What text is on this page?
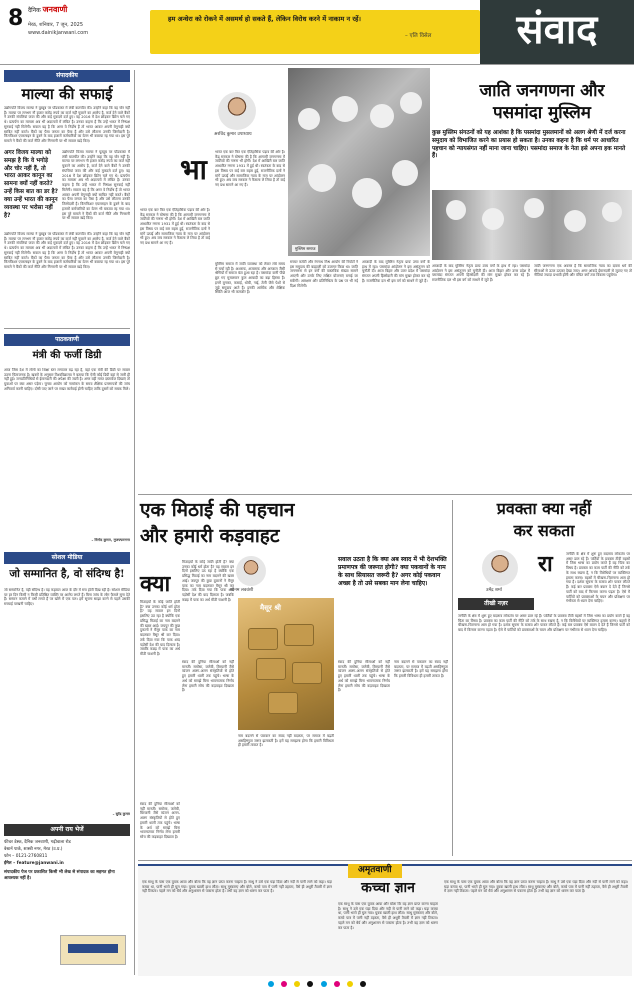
8 दैनिक जनवाणी
मेरठ, शनिवार, 7 जून, 2025
www.dainikjanwani.com
हम अन्धेरा को रोकने में असमर्थ हो सकते हैं, लेकिन विरोध करने में नाकाम न रहें।
– एलि विसेल	संवाद
संपादकीय
माल्या की सफाई
अगर विजय माल्या को समझ है कि वे भगोड़े और चोर नहीं हैं, तो भारत आकर कानून का सामना क्यों नहीं करते? उन्हें किस बात का डर है? क्या उन्हें भारत की कानून व्यवस्था पर भरोसा नहीं है?
उद्योगपति विजय माल्या ने यूट्यूब पर पॉडकास्ट में लंबी बातचीत की। उन्होंने कहा कि वह चोर नहीं हैं। माल्या पर लगभग नौ हजार करोड़ रुपये का कर्ज नहीं चुकाने का आरोप है, कर्ज देने वाले बैंकों ने उनकी संपत्तियां जब्त की और कई मुकदमे दर्ज हुए। वह 2016 में देश छोड़कर ब्रिटेन चले गए थे। प्रत्यर्पण का मामला अब भी अदालतों में लंबित है। उनका कहना है कि उन्हें भारत में निष्पक्ष सुनवाई नहीं मिलेगी। सवाल यह है कि अगर वे निर्दोष हैं तो भारत आकर अपनी बेगुनाही क्यों साबित नहीं करते। बैंकों का पैसा जनता का पैसा है और उसे लौटाना उनकी जिम्मेदारी है। किंगफिशर एयरलाइन के डूबने के बाद हजारों कर्मचारियों का वेतन भी बकाया रह गया था। इस पूरे मामले ने बैंकों की कर्ज नीति और निगरानी पर भी सवाल खड़े किए।
उद्योगपति विजय माल्या ने यूट्यूब पर पॉडकास्ट में लंबी बातचीत की। उन्होंने कहा कि वह चोर नहीं हैं। माल्या पर लगभग नौ हजार करोड़ रुपये का कर्ज नहीं चुकाने का आरोप है, कर्ज देने वाले बैंकों ने उनकी संपत्तियां जब्त की और कई मुकदमे दर्ज हुए। वह 2016 में देश छोड़कर ब्रिटेन चले गए थे। प्रत्यर्पण का मामला अब भी अदालतों में लंबित है। उनका कहना है कि उन्हें भारत में निष्पक्ष सुनवाई नहीं मिलेगी। सवाल यह है कि अगर वे निर्दोष हैं तो भारत आकर अपनी बेगुनाही क्यों साबित नहीं करते। बैंकों का पैसा जनता का पैसा है और उसे लौटाना उनकी जिम्मेदारी है। किंगफिशर एयरलाइन के डूबने के बाद हजारों कर्मचारियों का वेतन भी बकाया रह गया था। इस पूरे मामले ने बैंकों की कर्ज नीति और निगरानी पर भी सवाल खड़े किए।
उद्योगपति विजय माल्या ने यूट्यूब पर पॉडकास्ट में लंबी बातचीत की। उन्होंने कहा कि वह चोर नहीं हैं। माल्या पर लगभग नौ हजार करोड़ रुपये का कर्ज नहीं चुकाने का आरोप है, कर्ज देने वाले बैंकों ने उनकी संपत्तियां जब्त की और कई मुकदमे दर्ज हुए। वह 2016 में देश छोड़कर ब्रिटेन चले गए थे। प्रत्यर्पण का मामला अब भी अदालतों में लंबित है। उनका कहना है कि उन्हें भारत में निष्पक्ष सुनवाई नहीं मिलेगी। सवाल यह है कि अगर वे निर्दोष हैं तो भारत आकर अपनी बेगुनाही क्यों साबित नहीं करते। बैंकों का पैसा जनता का पैसा है और उसे लौटाना उनकी जिम्मेदारी है। किंगफिशर एयरलाइन के डूबने के बाद हजारों कर्मचारियों का वेतन भी बकाया रह गया था। इस पूरे मामले ने बैंकों की कर्ज नीति और निगरानी पर भी सवाल खड़े किए।
पाठकवाणी
मंत्री की फर्जी डिग्री
आज जिस देश में लोगों का शिक्षा स्तर लगातार बढ़ रहा है, वहां एक मंत्री की डिग्री पर सवाल उठना चिंताजनक है। खबरों के अनुसार विश्वविद्यालय ने बताया कि ऐसी कोई डिग्री वहां से जारी ही नहीं हुई। जनप्रतिनिधियों से ईमानदारी की अपेक्षा की जाती है। अगर वही गलत दस्तावेज दिखाएं तो युवाओं पर क्या असर पड़ेगा। चुनाव आयोग को नामांकन के समय शैक्षिक प्रमाणपत्रों की जांच अनिवार्य करनी चाहिए। दोषी पाए जाने पर सख्त कार्रवाई होनी चाहिए ताकि दूसरों को सबक मिले।
– विनोद कुमार, मुजफ्फरनगर
सोशल मीडिया
जो सम्मानित है, वो संदिग्ध है!
जो सम्मानित है, वही संदिग्ध है। यह कहावत आज के दौर में सच होती दिख रही है। सोशल मीडिया पर हर दिन किसी न किसी प्रतिष्ठित व्यक्ति पर आरोप लगते हैं। बिना जांच के लोग फैसले सुना देते हैं। सम्मान कमाने में वर्षों लगते हैं पर खोने में एक पल। हमें सूचना साझा करने से पहले उसकी सच्चाई परखनी चाहिए।
– सुरेंद्र कुमार
अपनी राय भेजें
फीचर डेस्क, दैनिक जनवाणी, गढ़ीवाला रोड
वेस्टर्न पार्क, शास्त्री नगर, मेरठ (उ.प्र.)
फोन – 0121-2760811
ईमेल – feature@janwani.in
संपादकीय पेज पर प्रकाशित किसी भी लेख से संपादक का सहमत होना आवश्यक नहीं है।
अरविंद कुमार उपाध्याय
भा
भारत एक बार फिर एक ऐतिहासिक पड़ाव की ओर है। केंद्र सरकार ने घोषणा की है कि आगामी जनगणना में जातियों की गणना भी होगी। देश में आखिरी बार जाति आधारित गणना 1931 में हुई थी। स्वतंत्रता के बाद से इस विषय पर कई बार बहस हुई, राजनीतिक दलों ने मांगें उठाईं और सामाजिक न्याय के नाम पर आंदोलन भी हुए। अब जब सरकार ने फैसला ले लिया है तो कई नए प्रश्न सामने आ गए हैं।
भारत एक बार फिर एक ऐतिहासिक पड़ाव की ओर है। केंद्र सरकार ने घोषणा की है कि आगामी जनगणना में जातियों की गणना भी होगी। देश में आखिरी बार जाति आधारित गणना 1931 में हुई थी। स्वतंत्रता के बाद से इस विषय पर कई बार बहस हुई, राजनीतिक दलों ने मांगें उठाईं और सामाजिक न्याय के नाम पर आंदोलन भी हुए। अब जब सरकार ने फैसला ले लिया है तो कई नए प्रश्न सामने आ गए हैं।
मुस्लिम समाज में जाति व्यवस्था को लेकर लंबे समय से चर्चा रही है। अशराफ, अजलाफ और अरजाल जैसी श्रेणियों में समाज बंटा हुआ रहा है। पसमांदा यानी पीछे छूट गए मुसलमान कुल आबादी का बड़ा हिस्सा हैं। इनमें बुनकर, कसाई, धोबी, नाई, तेली जैसे पेशों से जुड़े समुदाय आते हैं। इनकी आर्थिक और शैक्षिक स्थिति आज भी कमजोर है।
सच्चर कमेटी और रंगनाथ मिश्र आयोग की रिपोर्टों ने इस समुदाय की बदहाली को उजागर किया था। जाति जनगणना से इन वर्गों की वास्तविक संख्या सामने आएगी और उनके लिए लक्षित योजनाएं बनाई जा सकेंगी। आरक्षण और प्रतिनिधित्व के प्रश्न पर भी नई दिशा मिलेगी।
आजादी के बाद मुस्लिम नेतृत्व प्रायः उच्च वर्गों के हाथ में रहा। पसमांदा आंदोलन ने इस असंतुलन को चुनौती दी। आज बिहार और उत्तर प्रदेश में पसमांदा संगठन अपनी हिस्सेदारी की मांग मुखर होकर कर रहे हैं। राजनीतिक दल भी इस वर्ग को साधने में जुटे हैं।
जाति जनगणना और
पसमांदा मुस्लिम
कुछ मुस्लिम संगठनों को यह आशंका है कि पसमांदा मुसलमानों को अलग श्रेणी में दर्ज करना समुदाय को विभाजित करने का प्रयास हो सकता है। उनका कहना है कि धर्म पर आधारित पहचान को न्यायसंगत नहीं माना जाना चाहिए। पसमांदा समाज के नेता इसे अपना हक मानते हैं।
मुस्लिम समाज
आजादी के बाद मुस्लिम नेतृत्व प्रायः उच्च वर्गों के हाथ में रहा। पसमांदा आंदोलन ने इस असंतुलन को चुनौती दी। आज बिहार और उत्तर प्रदेश में पसमांदा संगठन अपनी हिस्सेदारी की मांग मुखर होकर कर रहे हैं। राजनीतिक दल भी इस वर्ग को साधने में जुटे हैं।
जाति जनगणना एक अवसर है कि सामाजिक न्याय का दायरा धर्म की सीमाओं से ऊपर उठकर देखा जाए। अगर आंकड़े ईमानदारी से जुटाए गए तो नीतियां ज्यादा प्रभावी होंगी और वंचित वर्गों तक विकास पहुंचेगा।
एक मिठाई की पहचान
और हमारी कड़वाहट
सोनम लववंशी
क्या
मिठाइयों के कोई जाति होती है? क्या उनका कोई धर्म होता है? यह सवाल इन दिनों इसलिए उठ रहा है क्योंकि एक प्रसिद्ध मिठाई का नाम बदलने की खबर आई। जयपुर की कुछ दुकानों ने मैसूर पाक का नाम बदलकर मैसूर श्री कर दिया। तर्क दिया गया कि पाक शब्द पड़ोसी देश की याद दिलाता है। जबकि कन्नड़ में पाक का अर्थ मीठी चाशनी है।
मिठाइयों के कोई जाति होती है? क्या उनका कोई धर्म होता है? यह सवाल इन दिनों इसलिए उठ रहा है क्योंकि एक प्रसिद्ध मिठाई का नाम बदलने की खबर आई। जयपुर की कुछ दुकानों ने मैसूर पाक का नाम बदलकर मैसूर श्री कर दिया। तर्क दिया गया कि पाक शब्द पड़ोसी देश की याद दिलाता है। जबकि कन्नड़ में पाक का अर्थ मीठी चाशनी है।
सवाल उठता है कि क्या अब स्वाद में भी देशभक्ति प्रमाणपत्र की जरूरत होगी? क्या पकवानों के नाम के साथ सियासत जरूरी है? अगर कोई पकवान अच्छा है तो उसे सबका मान लेना चाहिए।
मैसूर श्री
स्वाद की दुनिया सीमाओं को नहीं मानती। समोसा, जलेबी, बिरयानी जैसे व्यंजन अलग-अलग संस्कृतियों से होते हुए हमारी थाली तक पहुंचे। भाषा के अर्थ को समझे बिना भावनात्मक निर्णय लेना हमारी सोच की कड़वाहट दिखाता है।
स्वाद की दुनिया सीमाओं को नहीं मानती। समोसा, जलेबी, बिरयानी जैसे व्यंजन अलग-अलग संस्कृतियों से होते हुए हमारी थाली तक पहुंचे। भाषा के अर्थ को समझे बिना भावनात्मक निर्णय लेना हमारी सोच की कड़वाहट दिखाता है।
नाम बदलने से पकवान का स्वाद नहीं बदलता, पर समाज में बढ़ती असहिष्णुता जरूर झलकती है। हमें यह समझना होगा कि हमारी विविधता ही हमारी ताकत है।
स्वाद की दुनिया सीमाओं को नहीं मानती। समोसा, जलेबी, बिरयानी जैसे व्यंजन अलग-अलग संस्कृतियों से होते हुए हमारी थाली तक पहुंचे। भाषा के अर्थ को समझे बिना भावनात्मक निर्णय लेना हमारी सोच की कड़वाहट दिखाता है।
नाम बदलने से पकवान का स्वाद नहीं बदलता, पर समाज में बढ़ती असहिष्णुता जरूर झलकती है। हमें यह समझना होगा कि हमारी विविधता ही हमारी ताकत है।
प्रवक्ता क्या नहीं
कर सकता
उमेंद्र शर्मा
तीखी नज़र
रा	जनीति के क्षेत्र में शुरू हुए बदलाव लोकतंत्र पर असर डाल रहे हैं। पार्टियों के प्रवक्ता टीवी बहसों में जिस भाषा का प्रयोग करते हैं वह चिंता का विषय है। प्रवक्ता का काम पार्टी की नीति को तर्क के साथ रखना है, न कि विरोधियों पर व्यक्तिगत हमला करना। बहसों में चीखना-चिल्लाना आम हो गया है। दर्शक सूचना के बजाय शोर पाकर लौटते हैं। कई बार प्रवक्ता ऐसे बयान दे देते हैं जिनसे पार्टी को बाद में किनारा करना पड़ता है। ऐसे में पार्टियों को प्रवक्ताओं के चयन और प्रशिक्षण पर गंभीरता से ध्यान देना चाहिए।
जनीति के क्षेत्र में शुरू हुए बदलाव लोकतंत्र पर असर डाल रहे हैं। पार्टियों के प्रवक्ता टीवी बहसों में जिस भाषा का प्रयोग करते हैं वह चिंता का विषय है। प्रवक्ता का काम पार्टी की नीति को तर्क के साथ रखना है, न कि विरोधियों पर व्यक्तिगत हमला करना। बहसों में चीखना-चिल्लाना आम हो गया है। दर्शक सूचना के बजाय शोर पाकर लौटते हैं। कई बार प्रवक्ता ऐसे बयान दे देते हैं जिनसे पार्टी को बाद में किनारा करना पड़ता है। ऐसे में पार्टियों को प्रवक्ताओं के चयन और प्रशिक्षण पर गंभीरता से ध्यान देना चाहिए।
अमृतवाणी
कच्चा ज्ञान
एक साधु के पास एक युवक आया और बोला कि वह ज्ञान प्राप्त करना चाहता है। साधु ने उसे एक घड़ा दिया और नदी से पानी लाने को कहा। घड़ा कच्चा था, पानी भरते ही घुल गया। युवक खाली हाथ लौटा। साधु मुस्कराए और बोले, कच्चे पात्र में पानी नहीं ठहरता, वैसे ही अधूरी तैयारी में ज्ञान नहीं टिकता। पहले मन को धैर्य और अनुशासन से पकाना होता है। तभी वह ज्ञान को धारण कर पाता है।
एक साधु के पास एक युवक आया और बोला कि वह ज्ञान प्राप्त करना चाहता है। साधु ने उसे एक घड़ा दिया और नदी से पानी लाने को कहा। घड़ा कच्चा था, पानी भरते ही घुल गया। युवक खाली हाथ लौटा। साधु मुस्कराए और बोले, कच्चे पात्र में पानी नहीं ठहरता, वैसे ही अधूरी तैयारी में ज्ञान नहीं टिकता। पहले मन को धैर्य और अनुशासन से पकाना होता है। तभी वह ज्ञान को धारण कर पाता है।
एक साधु के पास एक युवक आया और बोला कि वह ज्ञान प्राप्त करना चाहता है। साधु ने उसे एक घड़ा दिया और नदी से पानी लाने को कहा। घड़ा कच्चा था, पानी भरते ही घुल गया। युवक खाली हाथ लौटा। साधु मुस्कराए और बोले, कच्चे पात्र में पानी नहीं ठहरता, वैसे ही अधूरी तैयारी में ज्ञान नहीं टिकता। पहले मन को धैर्य और अनुशासन से पकाना होता है। तभी वह ज्ञान को धारण कर पाता है।
